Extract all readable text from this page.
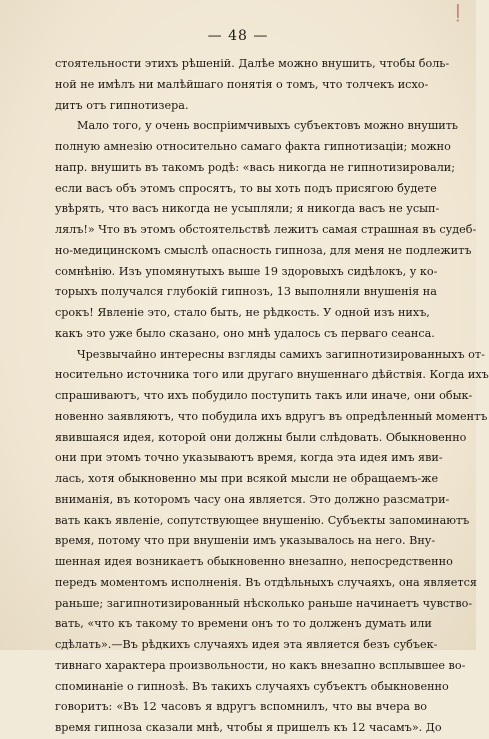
— 48 —
стоятельности этихъ рѣшеній. Далѣе можно внушить, чтобы боль-
ной не имѣлъ ни малѣйшаго понятія о томъ, что толчекъ исхо-
дитъ отъ гипнотизера.
Мало того, у очень воспріимчивыхъ субъектовъ можно внушить
полную амнезію относительно самаго факта гипнотизаціи; можно
напр. внушить въ такомъ родѣ: «вась никогда не гипнотизировали;
если васъ объ этомъ спросятъ, то вы хоть подъ присягою будете
увѣрять, что васъ никогда не усыпляли; я никогда васъ не усып-
лялъ!» Что въ этомъ обстоятельствѣ лежитъ самая страшная въ судеб-
но-медицинскомъ смыслѣ опасность гипноза, для меня не подлежитъ
сомнѣнію. Изъ упомянутыхъ выше 19 здоровыхъ сидѣлокъ, у ко-
торыхъ получался глубокій гипнозъ, 13 выполняли внушенія на
срокъ! Явленіе это, стало быть, не рѣдкость. У одной изъ нихъ,
какъ это уже было сказано, оно мнѣ удалось съ перваго сеанса.
Чрезвычайно интересны взгляды самихъ загипнотизированныхъ от-
носительно источника того или другаго внушеннаго дѣйствія. Когда ихъ
спрашиваютъ, что ихъ побудило поступить такъ или иначе, они обык-
новенно заявляютъ, что побудила ихъ вдругъ въ опредѣленный моментъ
явившаяся идея, которой они должны были слѣдовать. Обыкновенно
они при этомъ точно указываютъ время, когда эта идея имъ яви-
лась, хотя обыкновенно мы при всякой мысли не обращаемъ-же
вниманія, въ которомъ часу она является. Это должно разсматри-
вать какъ явленіе, сопутствующее внушенію. Субъекты запоминаютъ
время, потому что при внушеніи имъ указывалось на него. Вну-
шенная идея возникаетъ обыкновенно внезапно, непосредственно
передъ моментомъ исполненія. Въ отдѣльныхъ случаяхъ, она является
раньше; загипнотизированный нѣсколько раньше начинаетъ чувство-
вать, «что къ такому то времени онъ то то долженъ думать или
сдѣлать».—Въ рѣдкихъ случаяхъ идея эта является безъ субъек-
тивнаго характера произвольности, но какъ внезапно всплывшее во-
споминаніе о гипнозѣ. Въ такихъ случаяхъ субъектъ обыкновенно
говоритъ: «Въ 12 часовъ я вдругъ вспомнилъ, что вы вчера во
время гипноза сказали мнѣ, чтобы я пришелъ къ 12 часамъ». До
